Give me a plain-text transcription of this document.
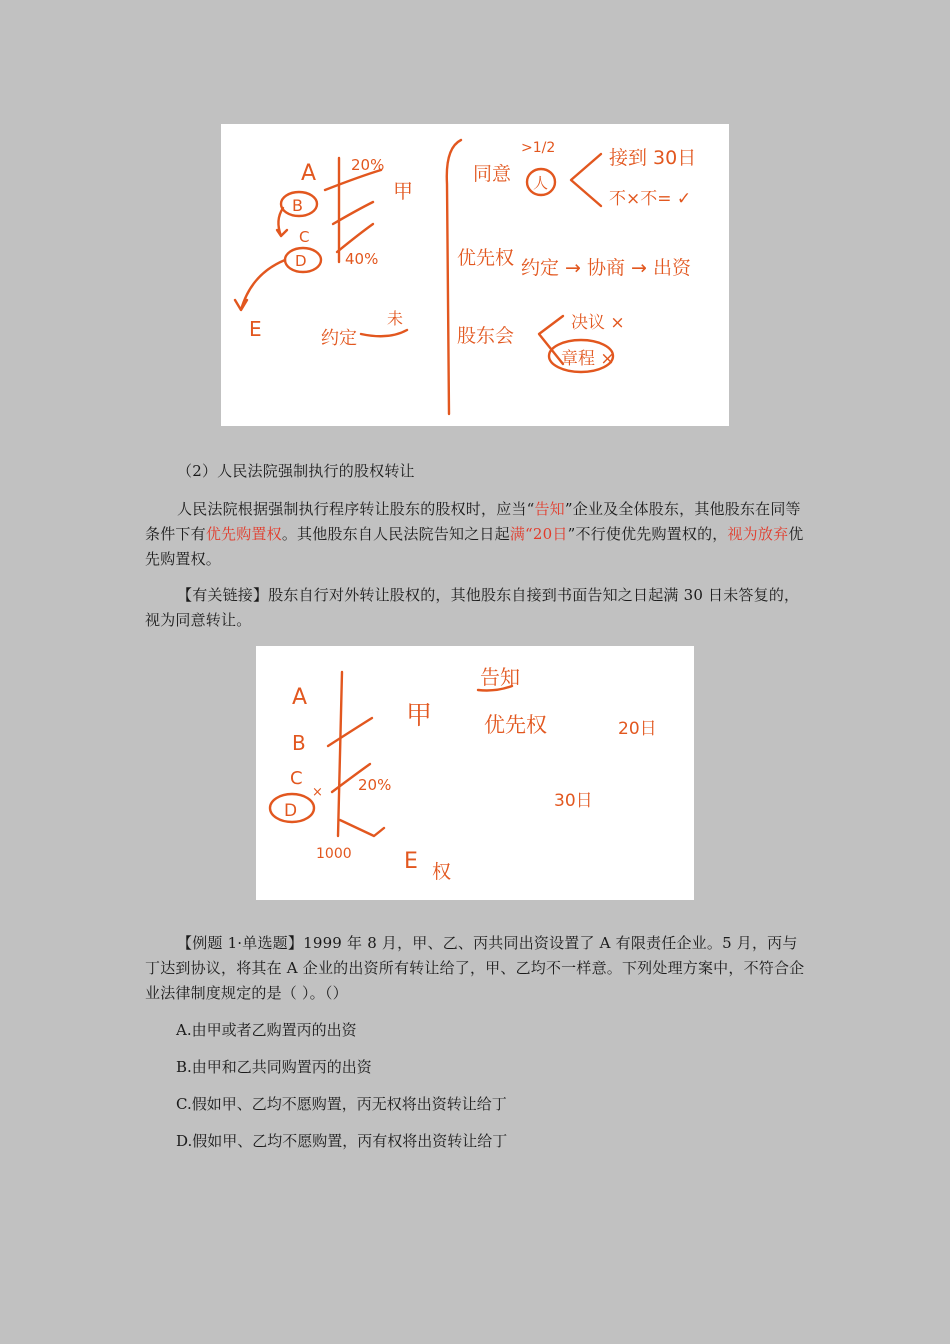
A 20%
甲
B
C
D	40%
E	约定
未
同意
>1/2
人
接到 30日
不×不= ✓
优先权 约定 → 协商 → 出资
股东会
决议 ×
章程 ×

（2）人民法院强制执行的股权转让

人民法院根据强制执行程序转让股东的股权时，应当“告知”企业及全体股东，其他股东在同等条件下有优先购置权。其他股东自人民法院告知之日起满“20日”不行使优先购置权的，视为放弃优先购置权。

【有关链接】股东自行对外转让股权的，其他股东自接到书面告知之日起满 30 日未答复的，视为同意转让。

A
B
C
D
× 20%
1000 E 权
甲
告知
优先权	20日
30日

【例题 1·单选题】1999 年 8 月，甲、乙、丙共同出资设置了 A 有限责任企业。5 月，丙与丁达到协议，将其在 A 企业的出资所有转让给了，甲、乙均不一样意。下列处理方案中，不符合企业法律制度规定的是（ ）。（）

A.由甲或者乙购置丙的出资

B.由甲和乙共同购置丙的出资

C.假如甲、乙均不愿购置，丙无权将出资转让给丁

D.假如甲、乙均不愿购置，丙有权将出资转让给丁
